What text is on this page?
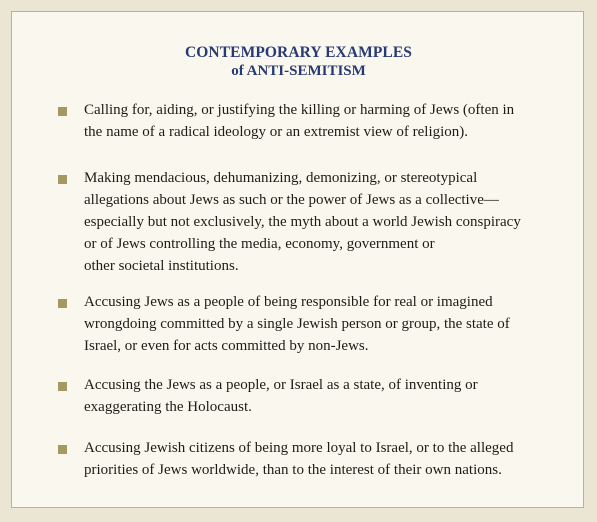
CONTEMPORARY EXAMPLES
of ANTI-SEMITISM
Calling for, aiding, or justifying the killing or harming of Jews (often in
the name of a radical ideology or an extremist view of religion).
Making mendacious, dehumanizing, demonizing, or stereotypical
allegations about Jews as such or the power of Jews as a collective—
especially but not exclusively, the myth about a world Jewish conspiracy
or of Jews controlling the media, economy, government or
other societal institutions.
Accusing Jews as a people of being responsible for real or imagined
wrongdoing committed by a single Jewish person or group, the state of
Israel, or even for acts committed by non-Jews.
Accusing the Jews as a people, or Israel as a state, of inventing or
exaggerating the Holocaust.
Accusing Jewish citizens of being more loyal to Israel, or to the alleged
priorities of Jews worldwide, than to the interest of their own nations.
